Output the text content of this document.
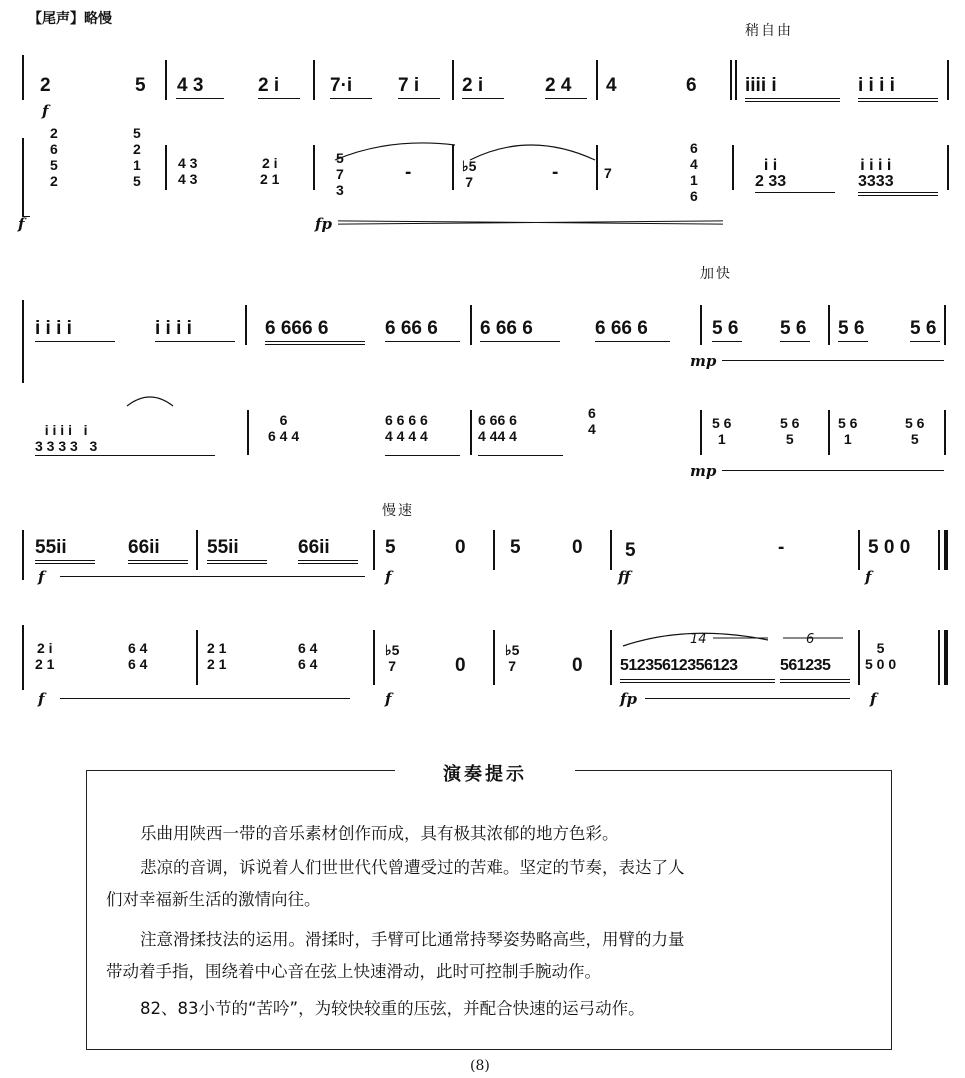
【尾声】略慢
稍自由
2	5 4 3	2 i	7·i 7 i 2 i	2 4 4	6	iiii i	i i i i
f
2
6
5
2
5
2
1
5
4 3
4 3
2 i
2 1
5
7
3
-	♭5
7	-	7
6
4
1
6
i i
2 33
i i i i
3333
f	fp
加快
i i i i	i i i i	6 666 6	6 66 6 6 66 6	6 66 6	5 6 5 6 5 6 5 6
mp
i i i i   i
3 3 3 3   3
6
6 4 4
6 6 6 6
4 4 4 4
6 66 6
4 44 4
6
4	5 6
1
5 6
5
5 6
1
5 6
5
mp
慢速
55ii	66ii 55ii	66ii	5	0 5	0 5	-	5 0 0
f	f	ff	f
2 i
2 1
6 4
6 4
2 1
2 1
6 4
6 4
♭5
7	0
♭5
7	0 51235612356123	561235
5
5 0 0
14	6
f	f	fp	f
演奏提示
乐曲用陕西一带的音乐素材创作而成，具有极其浓郁的地方色彩。
悲凉的音调，诉说着人们世世代代曾遭受过的苦难。坚定的节奏，表达了人
们对幸福新生活的激情向往。
注意滑揉技法的运用。滑揉时，手臂可比通常持琴姿势略高些，用臂的力量
带动着手指，围绕着中心音在弦上快速滑动，此时可控制手腕动作。
82、83小节的“苦吟”，为较快较重的压弦，并配合快速的运弓动作。
(8)
